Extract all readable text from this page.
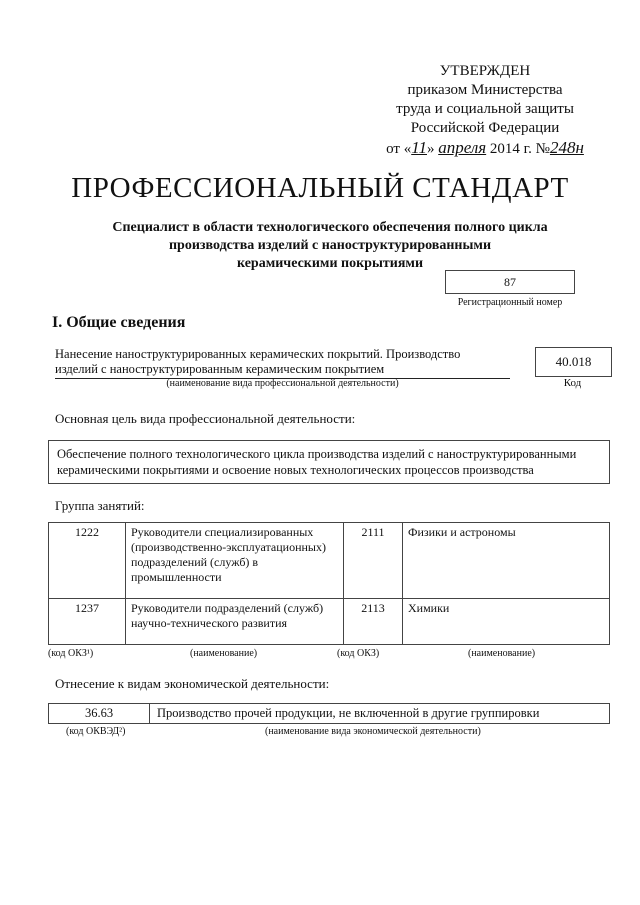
УТВЕРЖДЕН
приказом Министерства
труда и социальной защиты
Российской Федерации
от «11» апреля 2014 г. №248н
ПРОФЕССИОНАЛЬНЫЙ СТАНДАРТ
Специалист в области технологического обеспечения полного цикла
производства изделий с наноструктурированными
керамическими покрытиями
87
Регистрационный номер
I. Общие сведения
Нанесение наноструктурированных керамических покрытий. Производство
изделий с наноструктурированным керамическим покрытием
(наименование вида профессиональной деятельности)
40.018
Код
Основная цель вида профессиональной деятельности:
Обеспечение полного технологического цикла производства изделий с наноструктурированными керамическими покрытиями и освоение новых технологических процессов производства
Группа занятий:
1222	Руководители специализированных (производственно-эксплуатационных) подразделений (служб) в промышленности	2111	Физики и астрономы
1237	Руководители подразделений (служб) научно-технического развития	2113	Химики
(код ОКЗ¹)	(наименование)	(код ОКЗ)	(наименование)
Отнесение к видам экономической деятельности:
36.63	Производство прочей продукции, не включенной в другие группировки
(код ОКВЭД²)	(наименование вида экономической деятельности)
